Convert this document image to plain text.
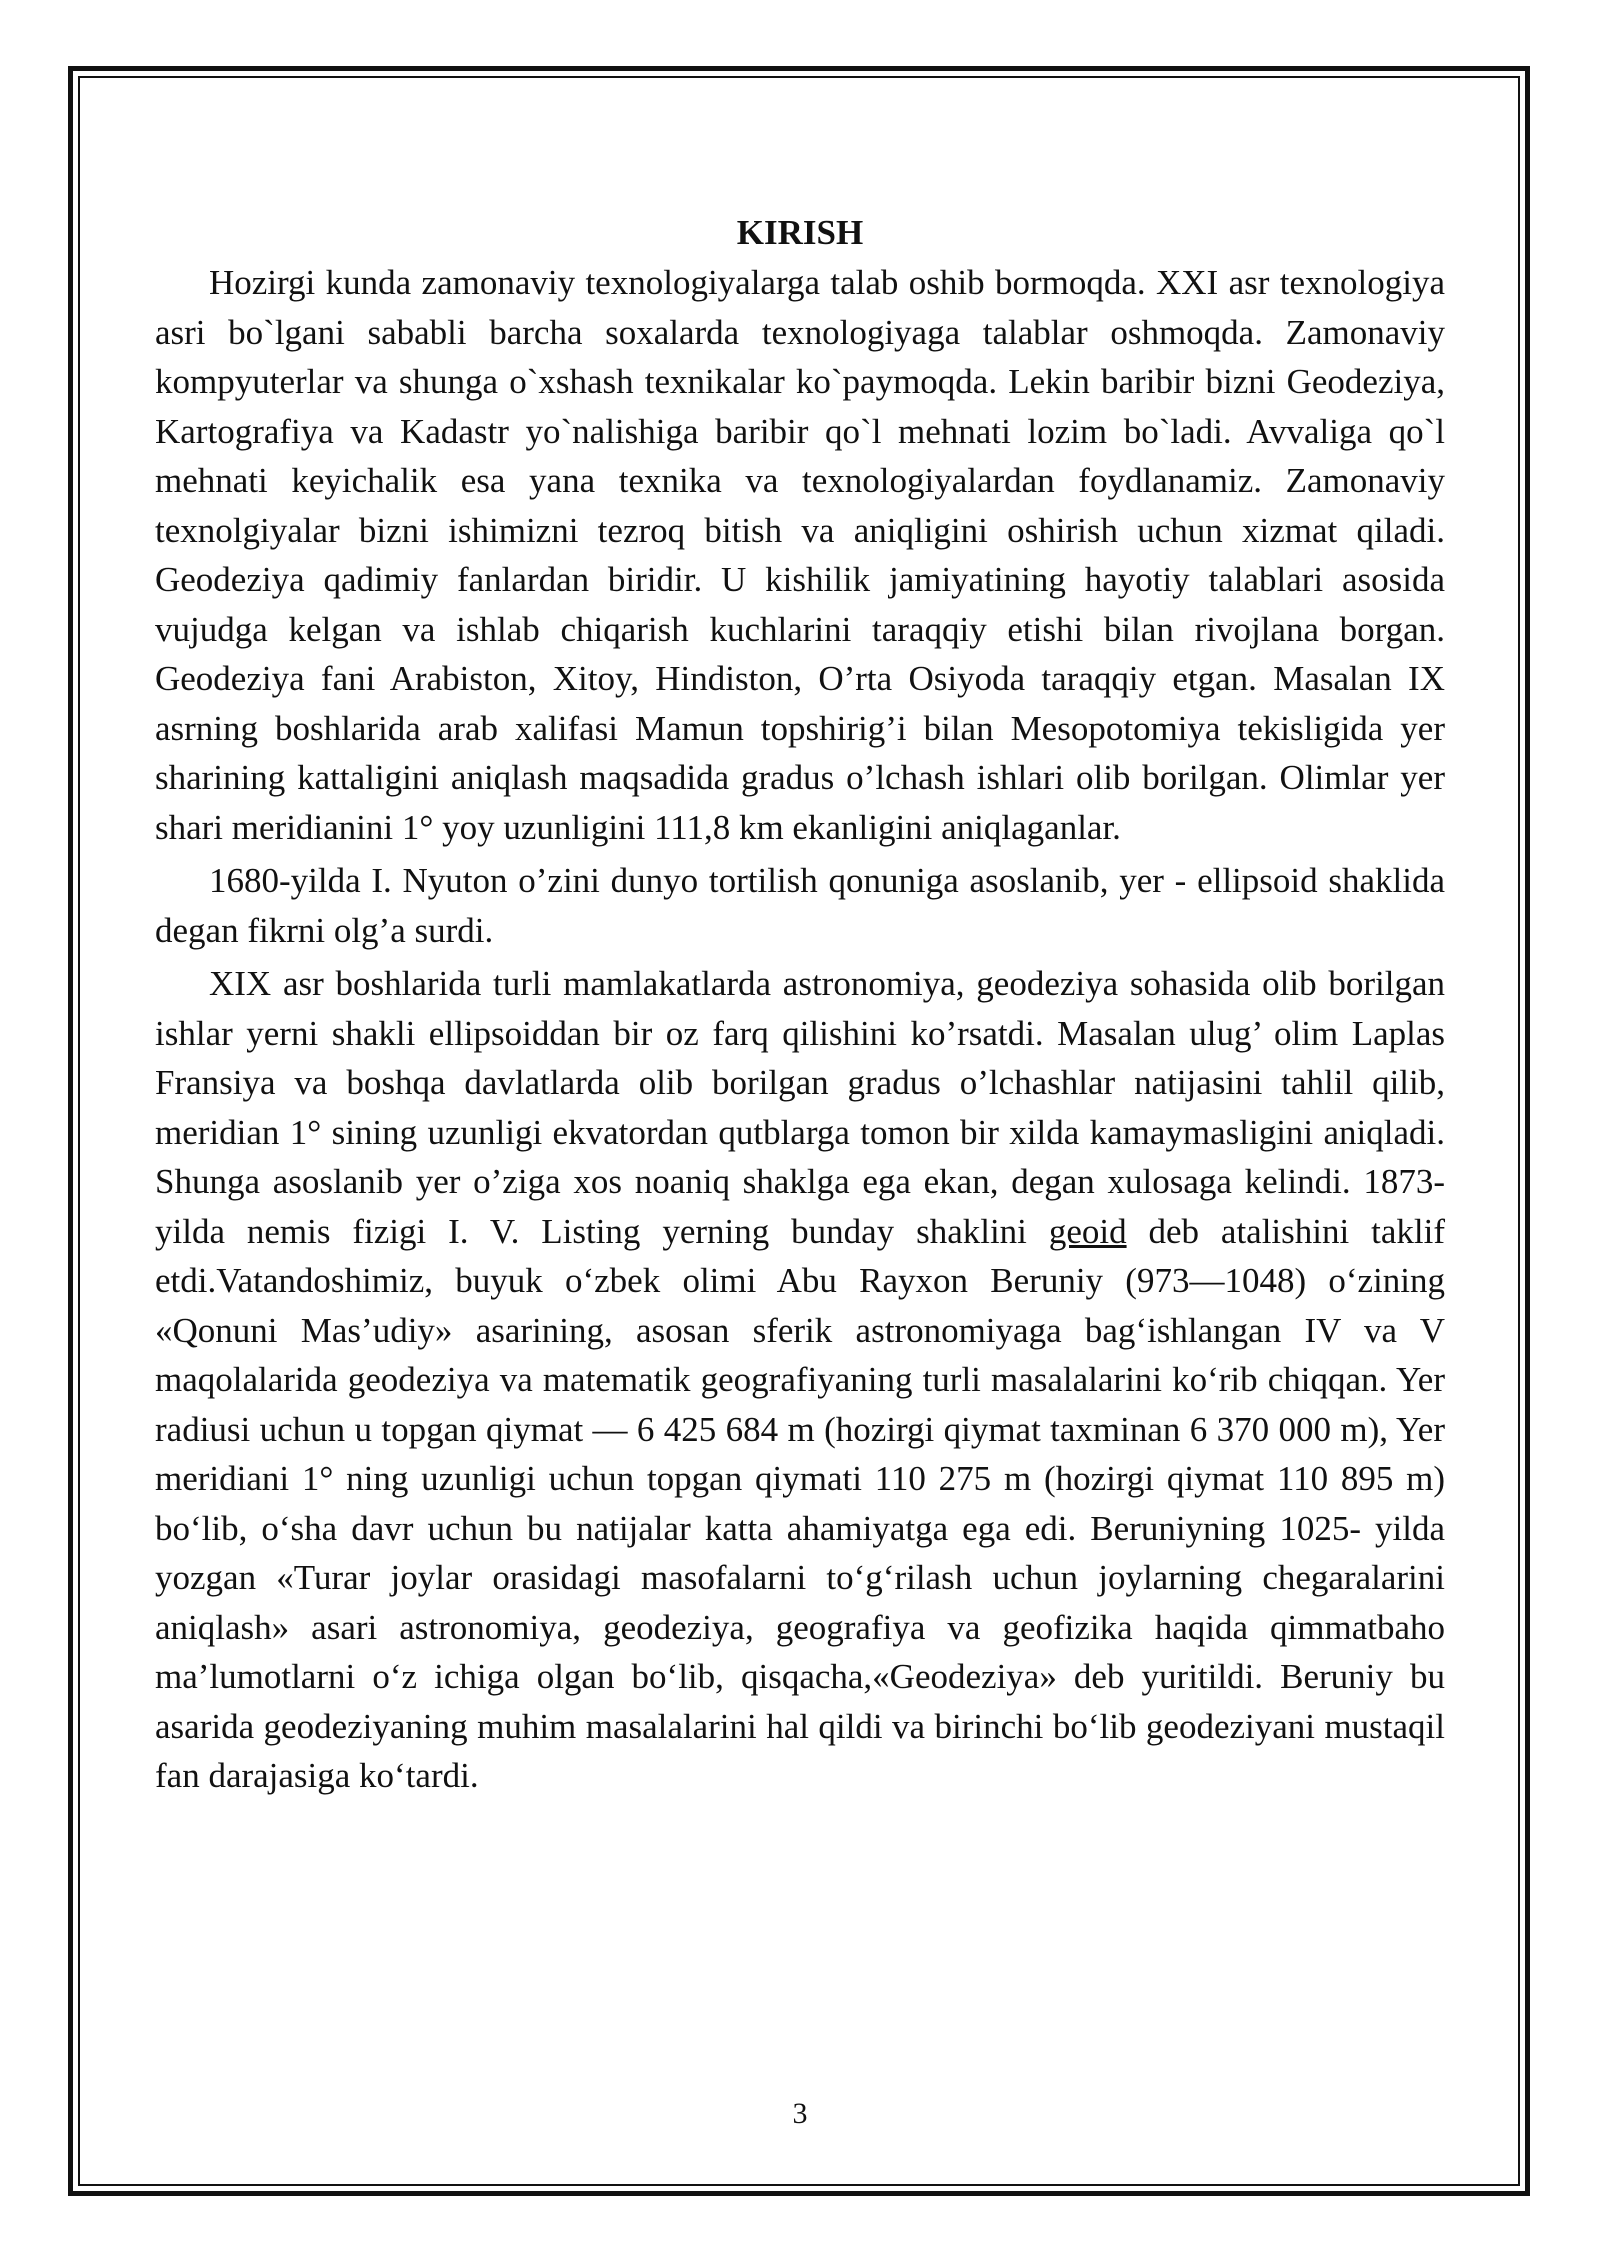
KIRISH

Hozirgi kunda zamonaviy texnologiyalarga talab oshib bormoqda. XXI asr texnologiya asri bo`lgani sababli barcha soxalarda texnologiyaga talablar oshmoqda. Zamonaviy kompyuterlar va shunga o`xshash texnikalar ko`paymoqda. Lekin baribir bizni Geodeziya, Kartografiya va Kadastr yo`nalishiga baribir qo`l mehnati lozim bo`ladi. Avvaliga qo`l mehnati keyichalik esa yana texnika va texnologiyalardan foydlanamiz. Zamonaviy texnolgiyalar bizni ishimizni tezroq bitish va aniqligini oshirish uchun xizmat qiladi. Geodeziya qadimiy fanlardan biridir. U kishilik jamiyatining hayotiy talablari asosida vujudga kelgan va ishlab chiqarish kuchlarini taraqqiy etishi bilan rivojlana borgan. Geodeziya fani Arabiston, Xitoy, Hindiston, O’rta Osiyoda taraqqiy etgan. Masalan IX asrning boshlarida arab xalifasi Mamun topshirig’i bilan Mesopotomiya tekisligida yer sharining kattaligini aniqlash maqsadida gradus o’lchash ishlari olib borilgan. Olimlar yer shari meridianini 1° yoy uzunligini 111,8 km ekanligini aniqlaganlar.

1680-yilda I. Nyuton o’zini dunyo tortilish qonuniga asoslanib, yer - ellipsoid shaklida degan fikrni olg’a surdi.

XIX asr boshlarida turli mamlakatlarda astronomiya, geodeziya sohasida olib borilgan ishlar yerni shakli ellipsoiddan bir oz farq qilishini ko’rsatdi. Masalan ulug’ olim Laplas Fransiya va boshqa davlatlarda olib borilgan gradus o’lchashlar natijasini tahlil qilib, meridian 1° sining uzunligi ekvatordan qutblarga tomon bir xilda kamaymasligini aniqladi. Shunga asoslanib yer o’ziga xos noaniq shaklga ega ekan, degan xulosaga kelindi. 1873-yilda nemis fizigi I. V. Listing yerning bunday shaklini geoid deb atalishini taklif etdi.Vatandoshimiz, buyuk o‘zbek olimi Abu Rayxon Beruniy (973—1048) o‘zining «Qonuni Mas’udiy» asarining, asosan sferik astronomiyaga bag‘ishlangan IV va V maqolalarida geodeziya va matematik geografiyaning turli masalalarini ko‘rib chiqqan. Yer radiusi uchun u topgan qiymat — 6 425 684 m (hozirgi qiymat taxminan 6 370 000 m), Yer meridiani 1° ning uzunligi uchun topgan qiymati 110 275 m (hozirgi qiymat 110 895 m) bo‘lib, o‘sha davr uchun bu natijalar katta ahamiyatga ega edi. Beruniyning 1025- yilda yozgan «Turar joylar orasidagi masofalarni to‘g‘rilash uchun joylarning chegaralarini aniqlash» asari astronomiya, geodeziya, geografiya va geofizika haqida qimmatbaho ma’lumotlarni o‘z ichiga olgan bo‘lib, qisqacha,«Geodeziya» deb yuritildi. Beruniy bu asarida geodeziyaning muhim masalalarini hal qildi va birinchi bo‘lib geodeziyani mustaqil fan darajasiga ko‘tardi.

3
